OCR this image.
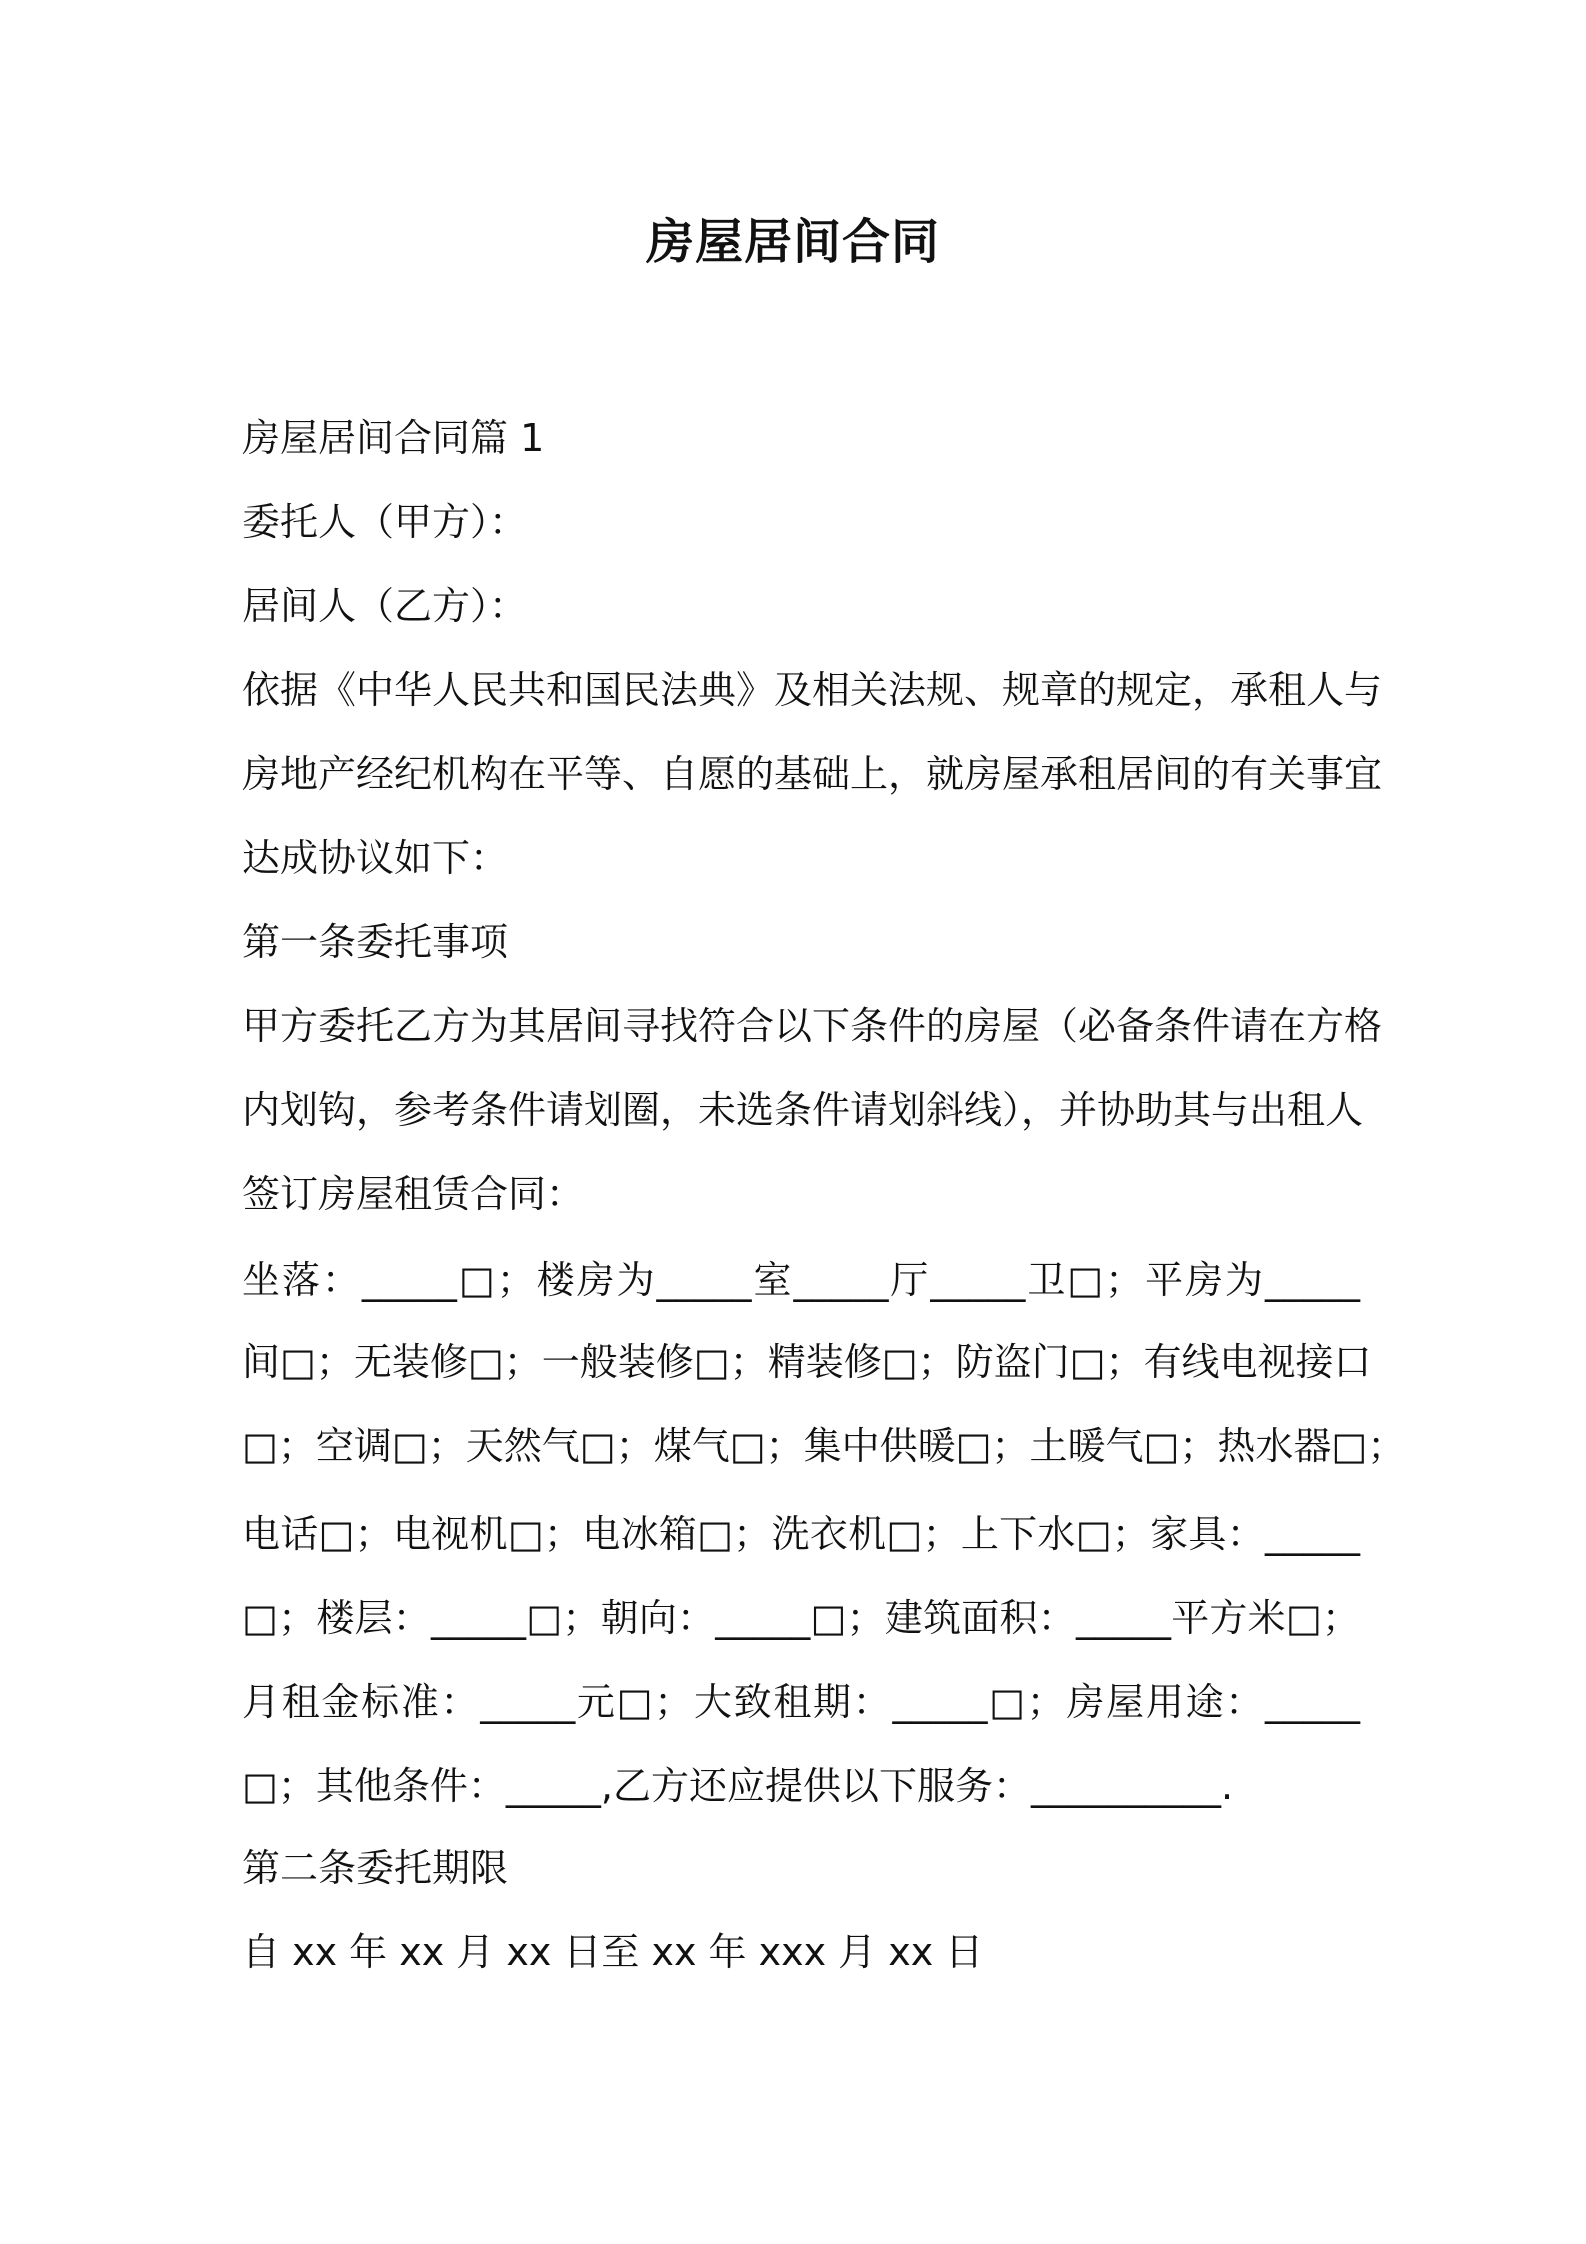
房屋居间合同

房屋居间合同篇 1

委托人（甲方）：

居间人（乙方）：

依据《中华人民共和国民法典》及相关法规、规章的规定，承租人与

房地产经纪机构在平等、自愿的基础上，就房屋承租居间的有关事宜

达成协议如下：

第一条委托事项

甲方委托乙方为其居间寻找符合以下条件的房屋（必备条件请在方格

内划钩，参考条件请划圈，未选条件请划斜线），并协助其与出租人

签订房屋租赁合同：

坐落：_____□；楼房为_____室_____厅_____卫□；平房为_____

间□；无装修□；一般装修□；精装修□；防盗门□；有线电视接口

□；空调□；天然气□；煤气□；集中供暖□；土暖气□；热水器□；

电话□；电视机□；电冰箱□；洗衣机□；上下水□；家具：_____

□；楼层：_____□；朝向：_____□；建筑面积：_____平方米□；

月租金标准：_____元□；大致租期：_____□；房屋用途：_____

□；其他条件：_____,乙方还应提供以下服务：__________.

第二条委托期限

自 xx 年 xx 月 xx 日至 xx 年 xxx 月 xx 日
